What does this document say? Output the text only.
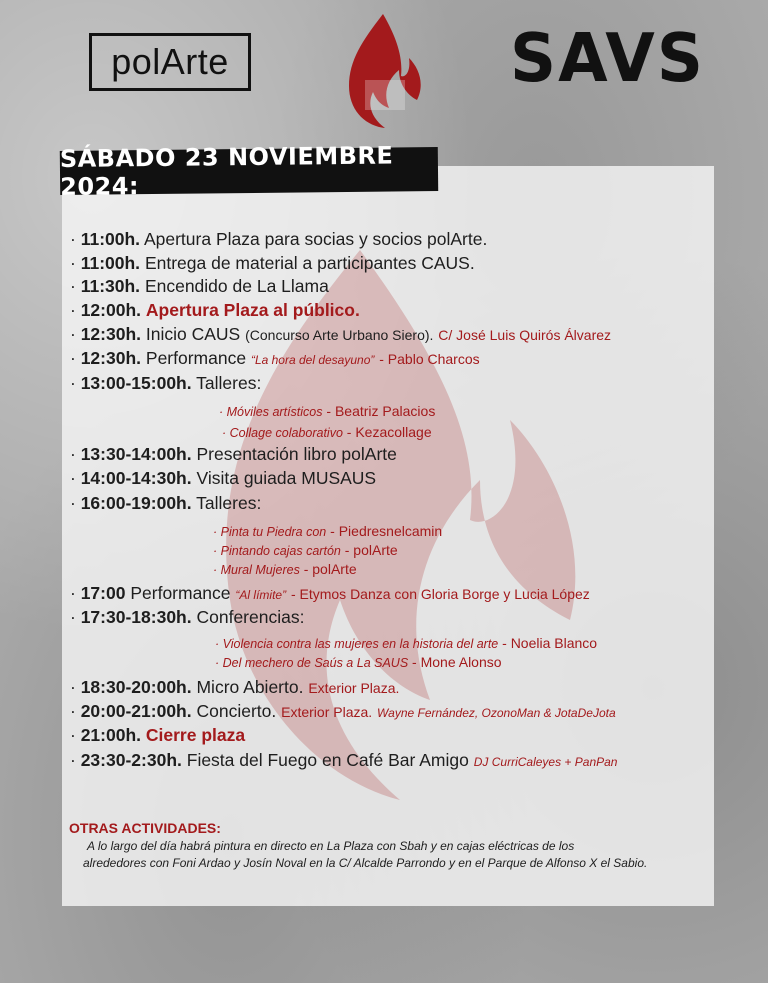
polArte	SAVS
SÁBADO 23 NOVIEMBRE 2024:
· 11:00h. Apertura Plaza para socias y socios polArte.
· 11:00h. Entrega de material a participantes CAUS.
· 11:30h. Encendido de La Llama
· 12:00h. Apertura Plaza al público.
· 12:30h. Inicio CAUS (Concurso Arte Urbano Siero). C/ José Luis Quirós Álvarez
· 12:30h. Performance “La hora del desayuno” - Pablo Charcos
· 13:00-15:00h. Talleres:
· Móviles artísticos - Beatriz Palacios
· Collage colaborativo - Kezacollage
· 13:30-14:00h. Presentación libro polArte
· 14:00-14:30h. Visita guiada MUSAUS
· 16:00-19:00h. Talleres:
· Pinta tu Piedra con - Piedresnelcamin
· Pintando cajas cartón - polArte
· Mural Mujeres - polArte
· 17:00 Performance “Al límite” - Etymos Danza con Gloria Borge y Lucia López
· 17:30-18:30h. Conferencias:
· Violencia contra las mujeres en la historia del arte - Noelia Blanco
· Del mechero de Saús a La SAUS - Mone Alonso
· 18:30-20:00h. Micro Abierto. Exterior Plaza.
· 20:00-21:00h. Concierto. Exterior Plaza. Wayne Fernández, OzonoMan & JotaDeJota
· 21:00h. Cierre plaza
· 23:30-2:30h. Fiesta del Fuego en Café Bar Amigo DJ CurriCaleyes + PanPan
OTRAS ACTIVIDADES:
A lo largo del día habrá pintura en directo en La Plaza con Sbah y en cajas eléctricas de los
alrededores con Foni Ardao y Josín Noval en la C/ Alcalde Parrondo y en el Parque de Alfonso X el Sabio.
